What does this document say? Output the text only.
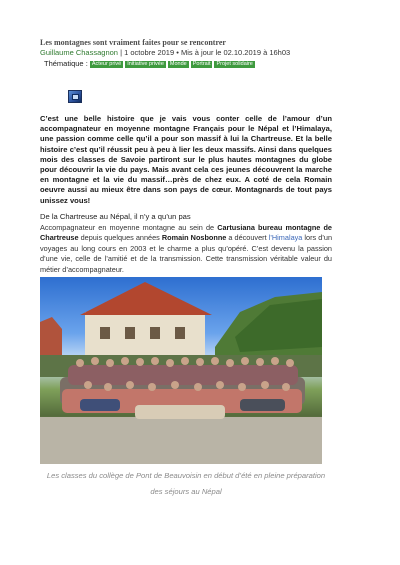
Les montagnes sont vraiment faites pour se rencontrer
Guillaume Chassagnon | 1 octobre 2019 • Mis à jour le 02.10.2019 à 16h03
Thématique : Acteur privé Initiative privée Monde Portrait Projet solidaire

C’est une belle histoire que je vais vous conter celle de l’amour d’un accompagnateur en moyenne montagne Français pour le Népal et l’Himalaya, une passion comme celle qu’il a pour son massif à lui la Chartreuse. Et la belle histoire c’est qu’il réussit peu à peu à lier les deux massifs. Ainsi dans quelques mois des classes de Savoie partiront sur le plus hautes montagnes du globe pour découvrir la vie du pays. Mais avant cela ces jeunes découvrent la marche en montagne et la vie du massif…près de chez eux. A coté de cela Romain oeuvre aussi au mieux être dans son pays de cœur. Montagnards de tout pays unissez vous!

De la Chartreuse au Népal, il n’y a qu’un pas

Accompagnateur en moyenne montagne au sein de Cartusiana bureau montagne de Chartreuse depuis quelques années Romain Nosbonne a découvert l’Himalaya lors d’un voyages au long cours en 2003 et le charme a plus qu’opéré. C’est devenu la passion d’une vie, celle de l’amitié et de la transmission. Cette transmission véritable valeur du métier d’accompagnateur.

Les classes du collège de Pont de Beauvoisin en début d’été en pleine préparation des séjours au Népal
